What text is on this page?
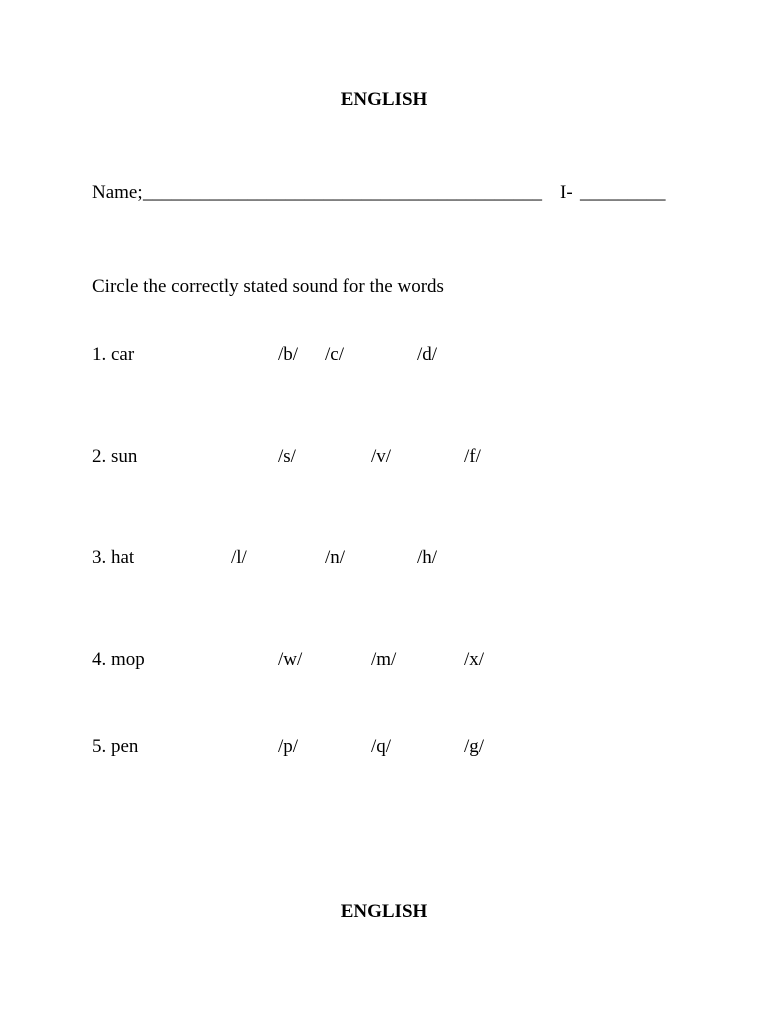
ENGLISH
Name; __________________________________________ I- _________
Circle the correctly stated sound for the words
1. car	/b/ /c/	/d/
2. sun	/s/	/v/	/f/
3. hat	/l/	/n/	/h/
4. mop	/w/	/m/	/x/
5. pen	/p/	/q/	/g/
ENGLISH
